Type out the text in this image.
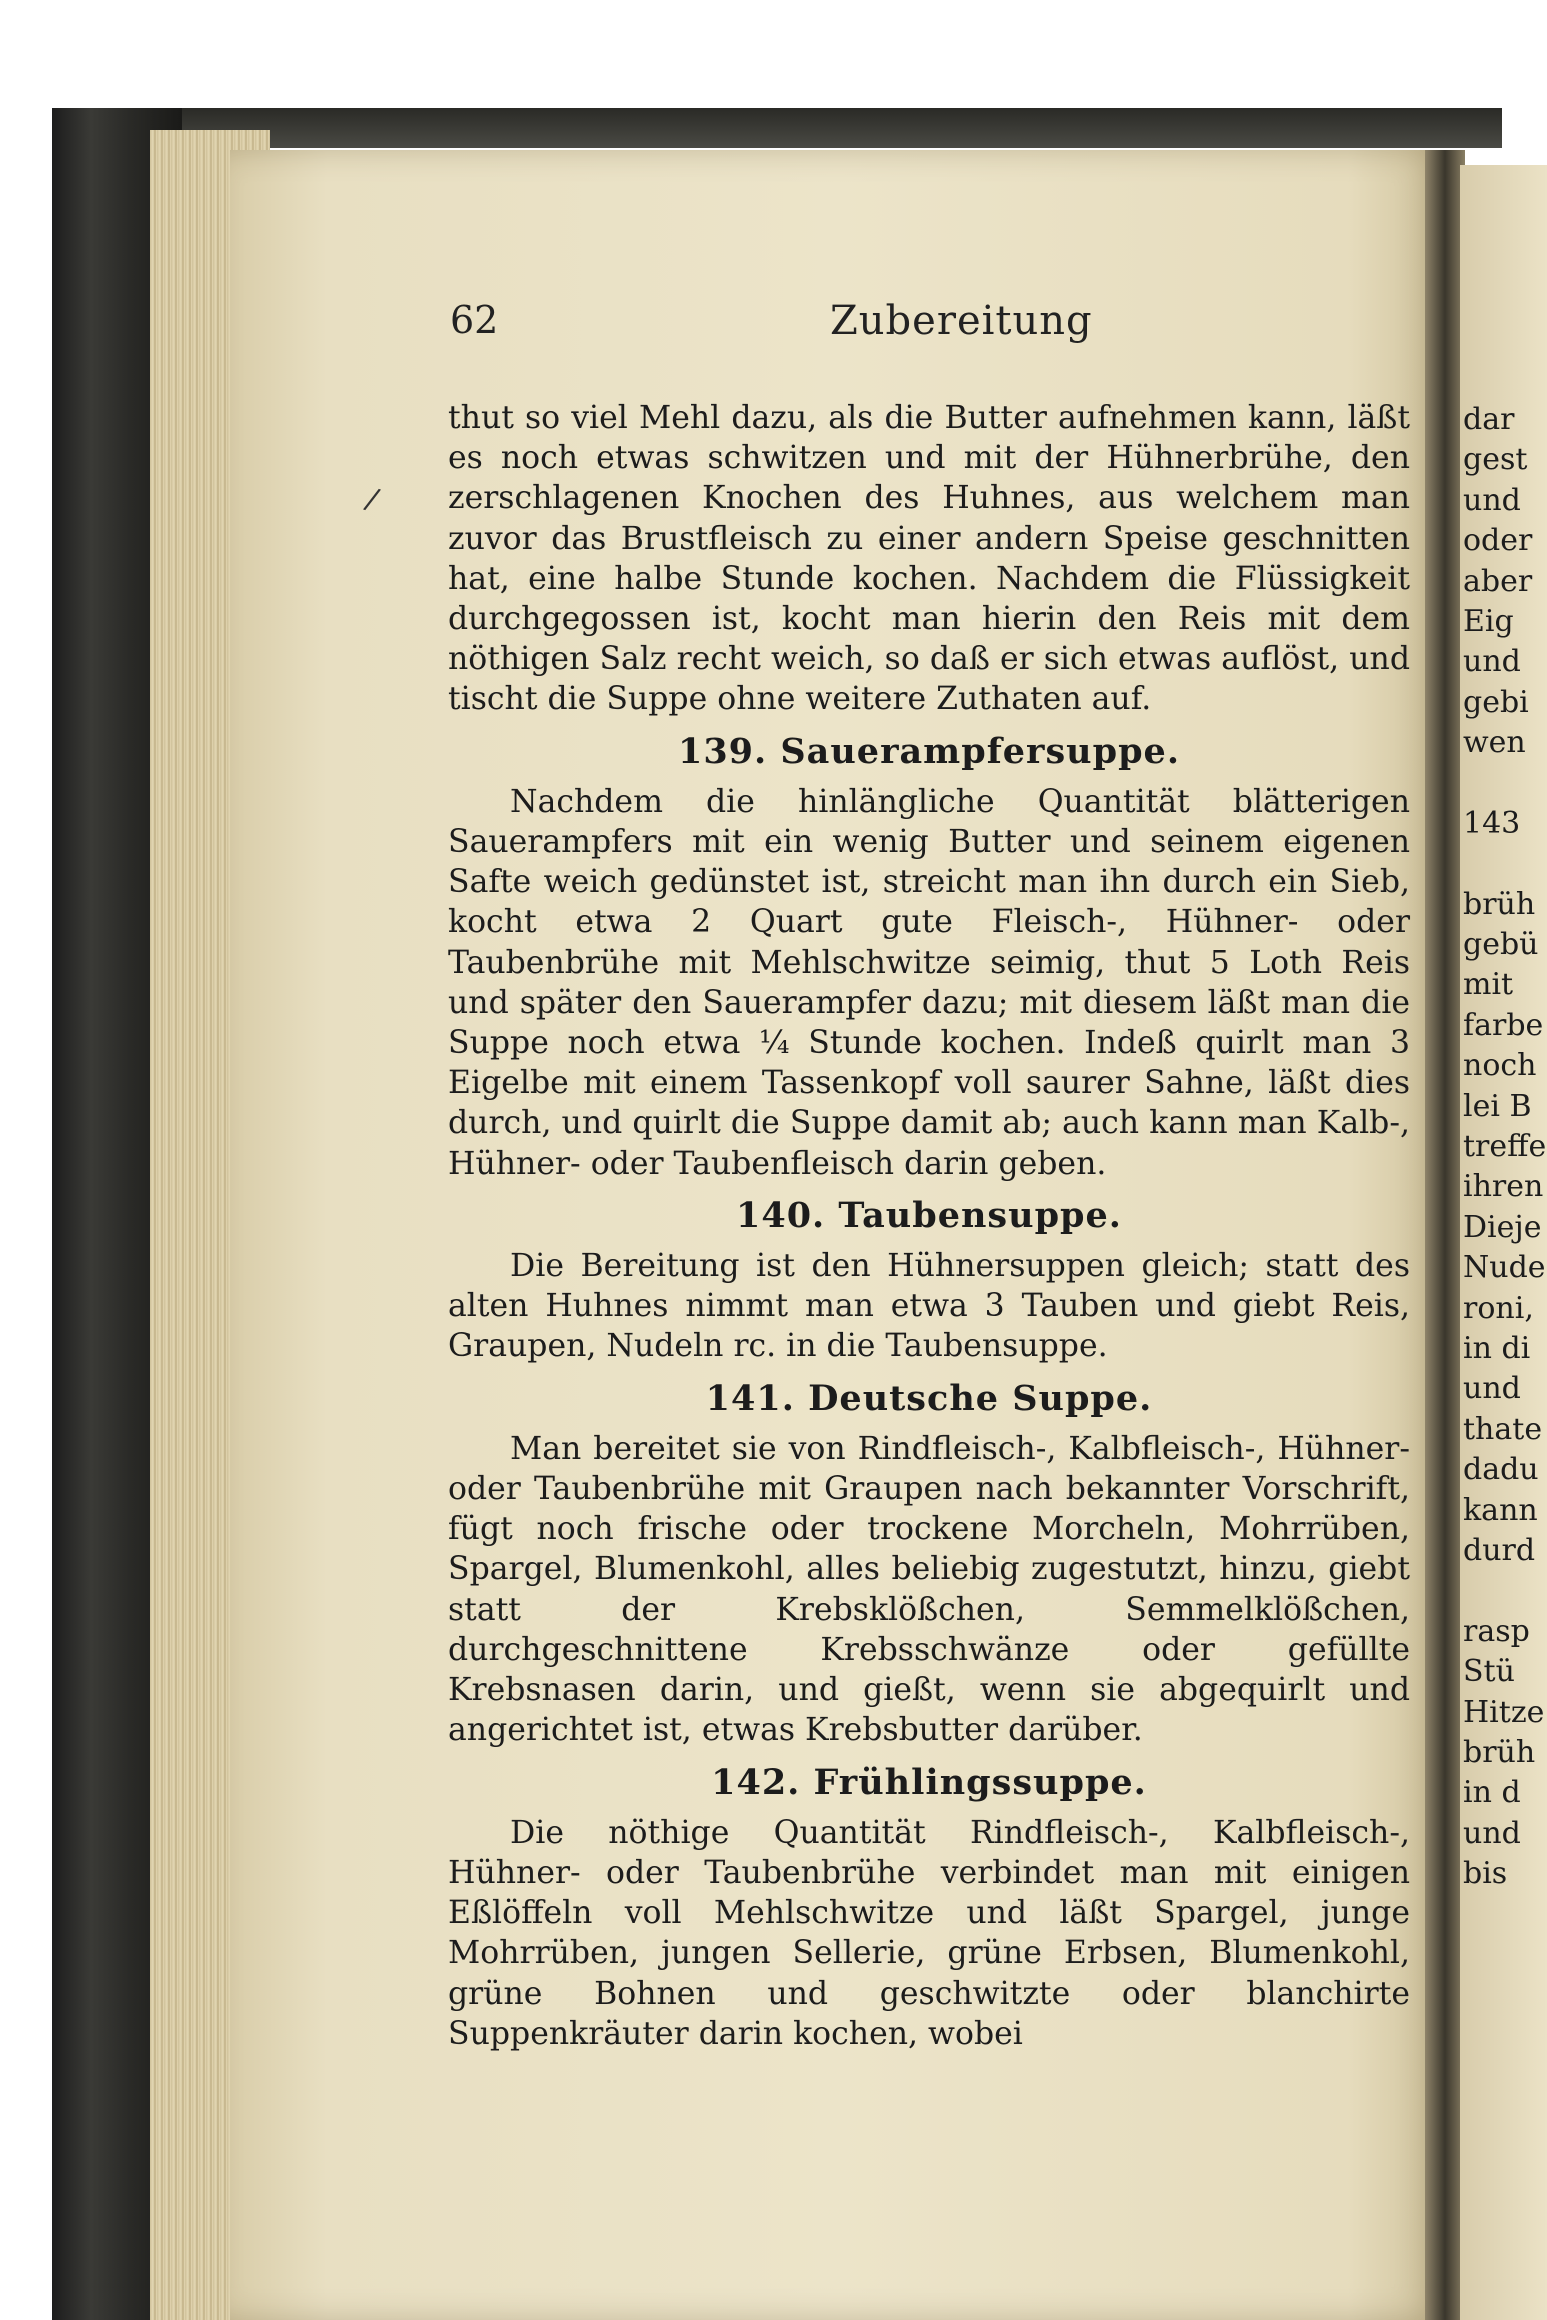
62	Zubereitung
/

thut so viel Mehl dazu, als die Butter aufnehmen kann, läßt es noch etwas schwitzen und mit der Hühnerbrühe, den zerschlagenen Knochen des Huhnes, aus welchem man zuvor das Brustfleisch zu einer andern Speise geschnitten hat, eine halbe Stunde kochen. Nachdem die Flüssigkeit durchgegossen ist, kocht man hierin den Reis mit dem nöthigen Salz recht weich, so daß er sich etwas auflöst, und tischt die Suppe ohne weitere Zuthaten auf.

139. Sauerampfersuppe.

Nachdem die hinlängliche Quantität blätterigen Sauerampfers mit ein wenig Butter und seinem eigenen Safte weich gedünstet ist, streicht man ihn durch ein Sieb, kocht etwa 2 Quart gute Fleisch-, Hühner- oder Taubenbrühe mit Mehlschwitze seimig, thut 5 Loth Reis und später den Sauerampfer dazu; mit diesem läßt man die Suppe noch etwa ¼ Stunde kochen. Indeß quirlt man 3 Eigelbe mit einem Tassenkopf voll saurer Sahne, läßt dies durch, und quirlt die Suppe damit ab; auch kann man Kalb-, Hühner- oder Taubenfleisch darin geben.

140. Taubensuppe.

Die Bereitung ist den Hühnersuppen gleich; statt des alten Huhnes nimmt man etwa 3 Tauben und giebt Reis, Graupen, Nudeln rc. in die Taubensuppe.

141. Deutsche Suppe.

Man bereitet sie von Rindfleisch-, Kalbfleisch-, Hühner- oder Taubenbrühe mit Graupen nach bekannter Vorschrift, fügt noch frische oder trockene Morcheln, Mohrrüben, Spargel, Blumenkohl, alles beliebig zugestutzt, hinzu, giebt statt der Krebsklößchen, Semmelklößchen, durchgeschnittene Krebsschwänze oder gefüllte Krebsnasen darin, und gießt, wenn sie abgequirlt und angerichtet ist, etwas Krebsbutter darüber.

142. Frühlingssuppe.

Die nöthige Quantität Rindfleisch-, Kalbfleisch-, Hühner- oder Taubenbrühe verbindet man mit einigen Eßlöffeln voll Mehlschwitze und läßt Spargel, junge Mohrrüben, jungen Sellerie, grüne Erbsen, Blumenkohl, grüne Bohnen und geschwitzte oder blanchirte Suppenkräuter darin kochen, wobei

dar
gest
und
oder
aber
Eig
und
gebi
wen
143
brüh
gebü
mit
farbe
noch
lei B
treffe
ihren
Dieje
Nude
roni,
in di
und
thate
dadu
kann
durd
rasp
Stü
Hitze
brüh
in d
und
bis
